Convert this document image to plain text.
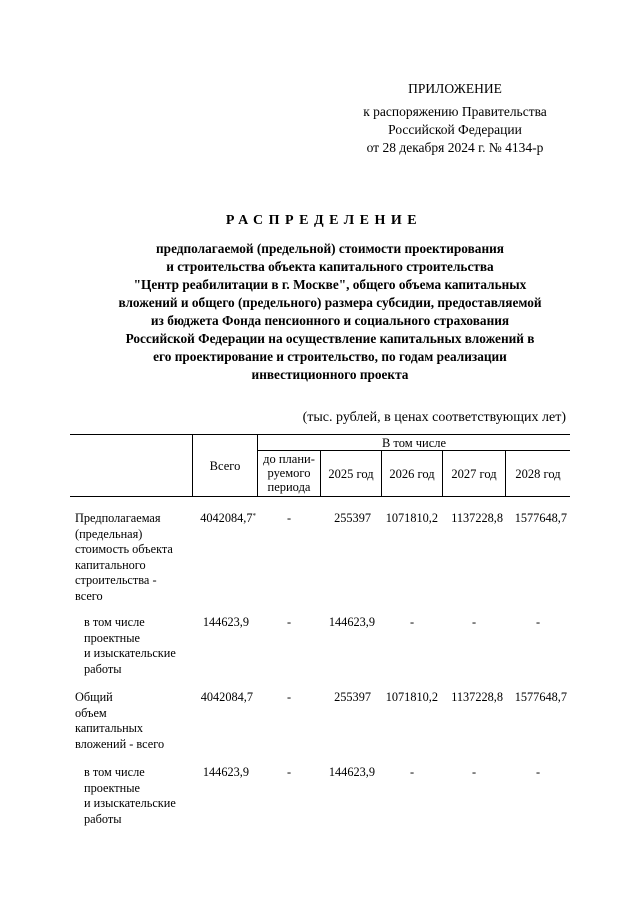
ПРИЛОЖЕНИЕ
к распоряжению Правительства
Российской Федерации
от 28 декабря 2024 г. № 4134-р
РАСПРЕДЕЛЕНИЕ
предполагаемой (предельной) стоимости проектирования
и строительства объекта капитального строительства
"Центр реабилитации в г. Москве", общего объема капитальных
вложений и общего (предельного) размера субсидии, предоставляемой
из бюджета Фонда пенсионного и социального страхования
Российской Федерации на осуществление капитальных вложений в
его проектирование и строительство, по годам реализации
инвестиционного проекта
(тыс. рублей, в ценах соответствующих лет)
Всего
В том числе
до плани-
руемого
периода
2025 год	2026 год	2027 год	2028 год
Предполагаемая
(предельная)
стоимость объекта
капитального
строительства -
всего
4042084,7*	-	255397	1071810,2	1137228,8 1577648,7
в том числе
проектные
и изыскательские
работы
144623,9	-	144623,9	-	-	-
Общий
объем
капитальных
вложений - всего
4042084,7	-	255397	1071810,2	1137228,8 1577648,7
в том числе
проектные
и изыскательские
работы
144623,9	-	144623,9	-	-	-
